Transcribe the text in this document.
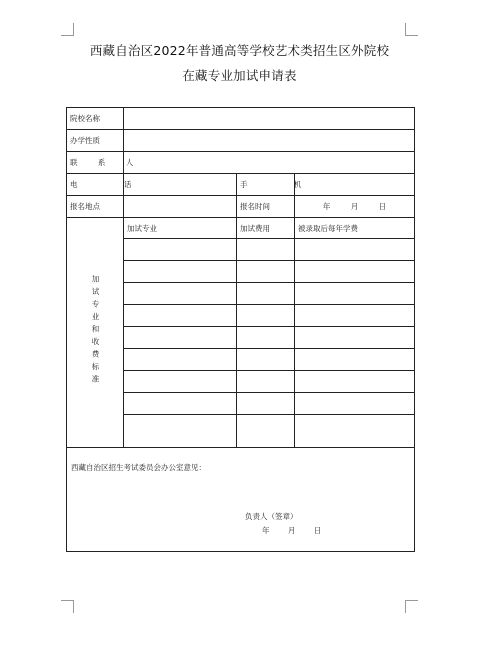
西藏自治区2022年普通高等学校艺术类招生区外院校
在藏专业加试申请表
院校名称			
办学性质			
联 系 人			
电 话		手 机	
报名地点		报名时间	年 月 日
加试专业和收费标准	加试专业	加试费用	被录取后每年学费

西藏自治区招生考试委员会办公室意见：
负责人（签章）
年 月 日			
